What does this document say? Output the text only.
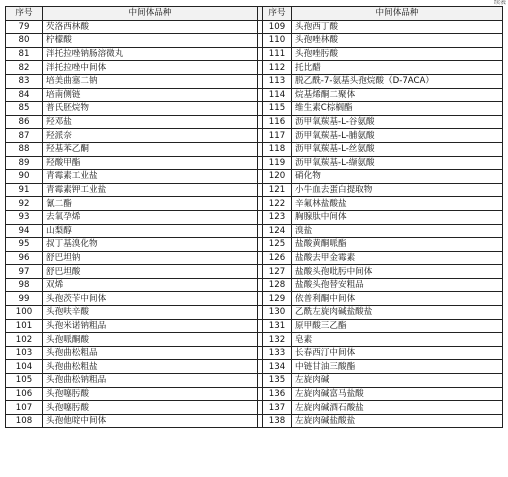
续表
序号	中间体品种		序号	中间体品种
79	芡洛西林酸		109	头孢西丁酸
80	柠檬酸		110	头孢唑林酸
81	泮托拉唑钠肠溶微丸		111	头孢唑肟酸
82	泮托拉唑中间体		112	托比醋
83	培美曲塞二钠		113	脱乙酰-7-氨基头孢烷酸（D-7ACA）
84	培南侧链		114	烷基烯酮二聚体
85	普氏胚烷物		115	维生素C棕榈酯
86	羟邓盐		116	沥甲氧羰基-L-谷氨酸
87	羟派奈		117	沥甲氧羰基-L-脯氨酸
88	羟基苯乙酮		118	沥甲氧羰基-L-丝氨酸
89	羟酸甲酯		119	沥甲氧羰基-L-缬氨酸
90	青霉素工业盐		120	硝化物
91	青霉素钾工业盐		121	小牛血去蛋白提取物
92	氰二酯		122	辛氟林盐酸盐
93	去氧孕烯		123	胸腺肽中间体
94	山梨醇		124	溴盐
95	叔丁基溴化物		125	盐酸黄酮哌酯
96	舒巴坦钠		126	盐酸去甲金霉素
97	舒巴坦酸		127	盐酸头孢吡肟中间体
98	双烯		128	盐酸头孢替安粗品
99	头孢茨苄中间体		129	依普利酮中间体
100	头孢呋辛酸		130	乙酰左旋肉碱盐酸盐
101	头孢米诺钠粗品		131	原甲酸三乙酯
102	头孢哌酮酸		132	皂素
103	头孢曲松粗品		133	长春西汀中间体
104	头孢曲松粗盐		134	中链甘油三酸酯
105	头孢曲松钠粗品		135	左旋肉碱
106	头孢噻肟酸		136	左旋肉碱富马盐酸
107	头孢噻肟酸		137	左旋肉碱酒石酸盐
108	头孢他啶中间体		138	左旋肉碱盐酸盐
